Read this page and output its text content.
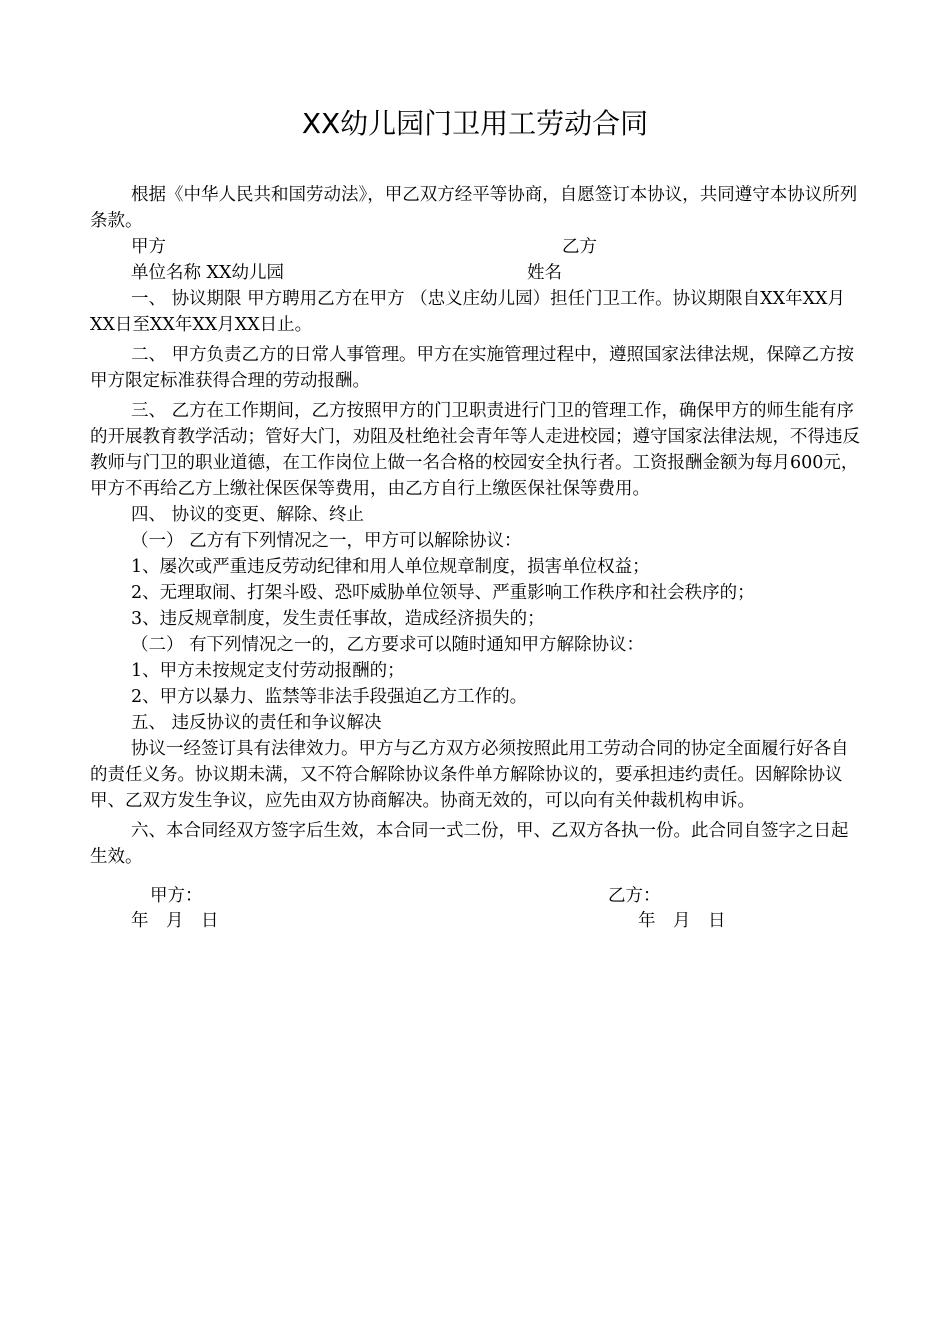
XX幼儿园门卫用工劳动合同

根据《中华人民共和国劳动法》，甲乙双方经平等协商，自愿签订本协议，共同遵守本协议所列条款。

甲方	乙方
单位名称 XX幼儿园	姓名

一、 协议期限 甲方聘用乙方在甲方 （忠义庄幼儿园）担任门卫工作。协议期限自XX年XX月XX日至XX年XX月XX日止。

二、 甲方负责乙方的日常人事管理。甲方在实施管理过程中，遵照国家法律法规，保障乙方按甲方限定标准获得合理的劳动报酬。

三、 乙方在工作期间，乙方按照甲方的门卫职责进行门卫的管理工作，确保甲方的师生能有序的开展教育教学活动；管好大门，劝阻及杜绝社会青年等人走进校园；遵守国家法律法规，不得违反教师与门卫的职业道德，在工作岗位上做一名合格的校园安全执行者。工资报酬金额为每月600元，甲方不再给乙方上缴社保医保等费用，由乙方自行上缴医保社保等费用。

四、 协议的变更、解除、终止

（一） 乙方有下列情况之一，甲方可以解除协议：

1、屡次或严重违反劳动纪律和用人单位规章制度，损害单位权益；

2、无理取闹、打架斗殴、恐吓威胁单位领导、严重影响工作秩序和社会秩序的；

3、违反规章制度，发生责任事故，造成经济损失的；

（二） 有下列情况之一的，乙方要求可以随时通知甲方解除协议：

1、甲方未按规定支付劳动报酬的；

2、甲方以暴力、监禁等非法手段强迫乙方工作的。

五、 违反协议的责任和争议解决

协议一经签订具有法律效力。甲方与乙方双方必须按照此用工劳动合同的协定全面履行好各自的责任义务。协议期未满，又不符合解除协议条件单方解除协议的，要承担违约责任。因解除协议甲、乙双方发生争议，应先由双方协商解决。协商无效的，可以向有关仲裁机构申诉。

六、本合同经双方签字后生效，本合同一式二份，甲、乙双方各执一份。此合同自签字之日起生效。

甲方：	乙方：
年　月　日	年　月　日
